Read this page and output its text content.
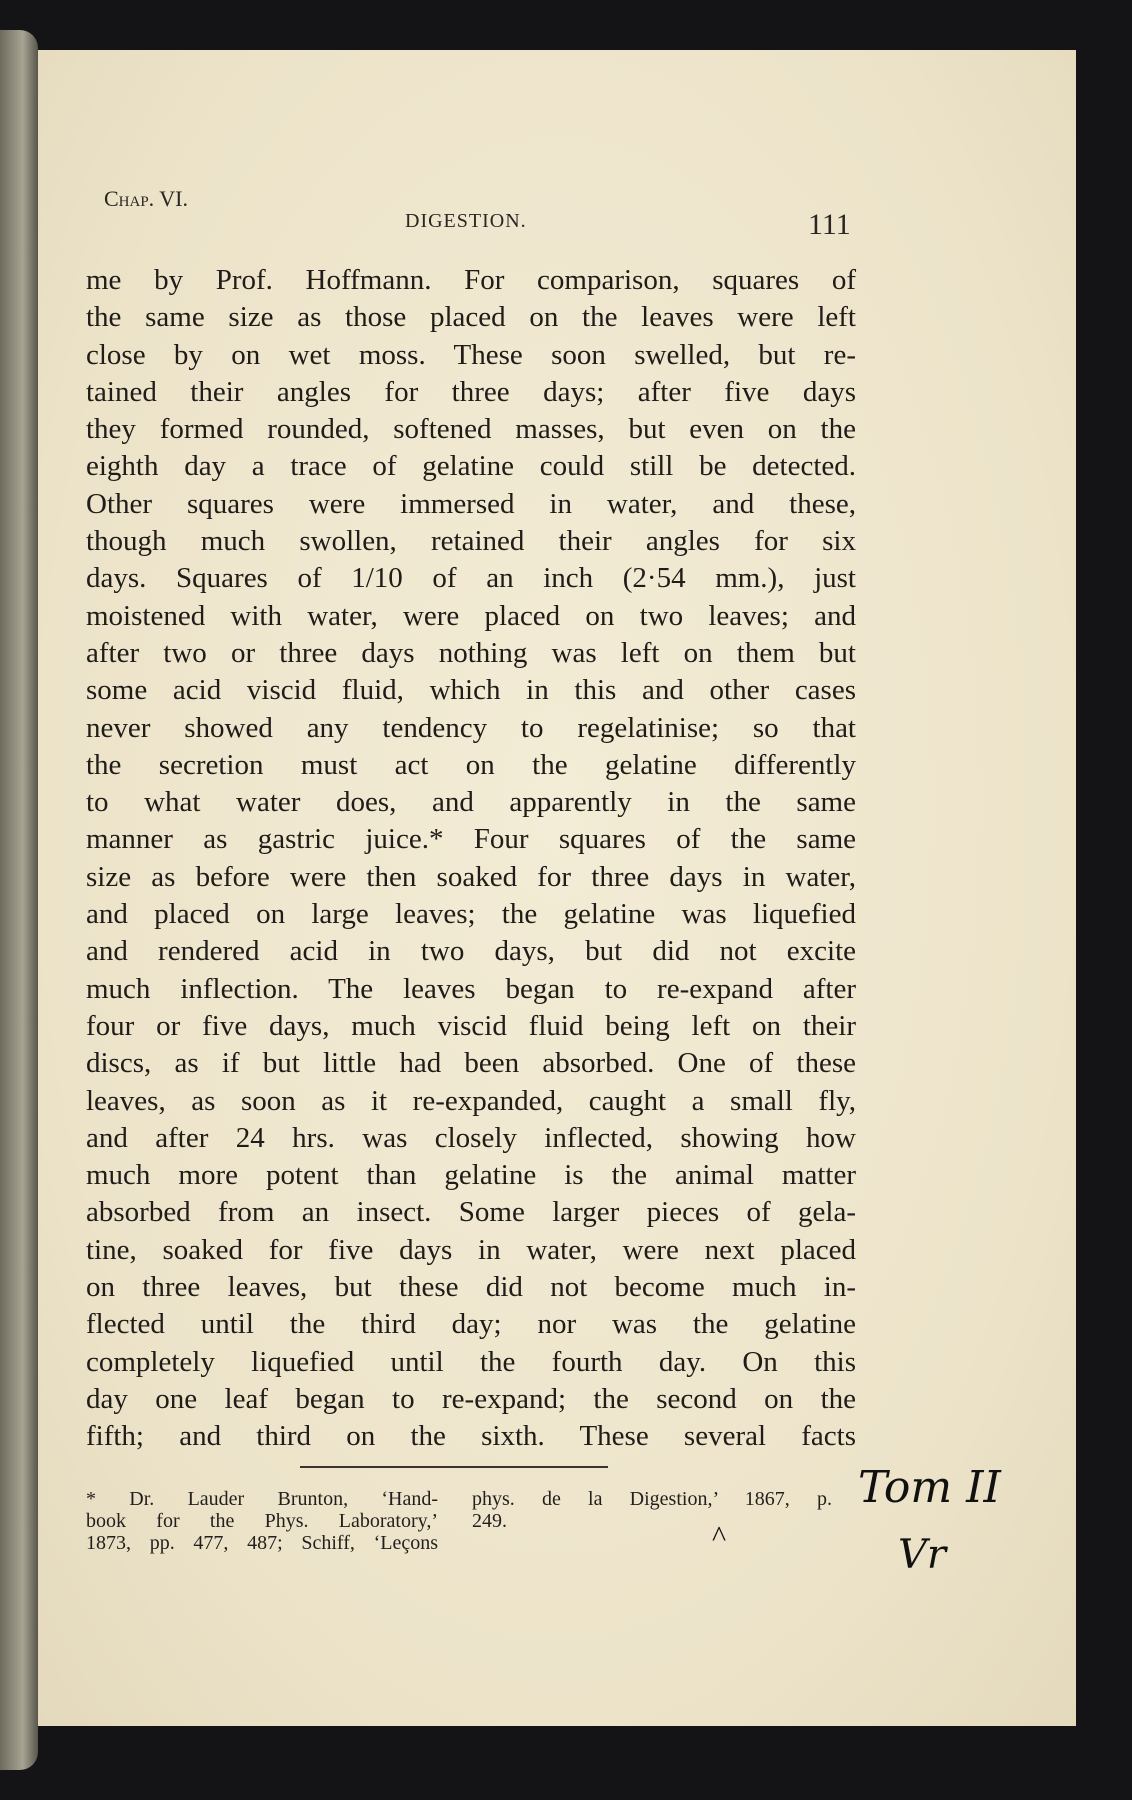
Chap. VI.
DIGESTION.	111
me by Prof. Hoffmann. For comparison, squares of
the same size as those placed on the leaves were left
close by on wet moss. These soon swelled, but re-
tained their angles for three days; after five days
they formed rounded, softened masses, but even on the
eighth day a trace of gelatine could still be detected.
Other squares were immersed in water, and these,
though much swollen, retained their angles for six
days. Squares of 1/10 of an inch (2·54 mm.), just
moistened with water, were placed on two leaves; and
after two or three days nothing was left on them but
some acid viscid fluid, which in this and other cases
never showed any tendency to regelatinise; so that
the secretion must act on the gelatine differently
to what water does, and apparently in the same
manner as gastric juice.* Four squares of the same
size as before were then soaked for three days in water,
and placed on large leaves; the gelatine was liquefied
and rendered acid in two days, but did not excite
much inflection. The leaves began to re-expand after
four or five days, much viscid fluid being left on their
discs, as if but little had been absorbed. One of these
leaves, as soon as it re-expanded, caught a small fly,
and after 24 hrs. was closely inflected, showing how
much more potent than gelatine is the animal matter
absorbed from an insect. Some larger pieces of gela-
tine, soaked for five days in water, were next placed
on three leaves, but these did not become much in-
flected until the third day; nor was the gelatine
completely liquefied until the fourth day. On this
day one leaf began to re-expand; the second on the
fifth; and third on the sixth. These several facts
* Dr. Lauder Brunton, ‘Hand-
book for the Phys. Laboratory,’
1873, pp. 477, 487; Schiff, ‘Leçons
phys. de la Digestion,’ 1867, p.
249.	^
Tom II
Vr
